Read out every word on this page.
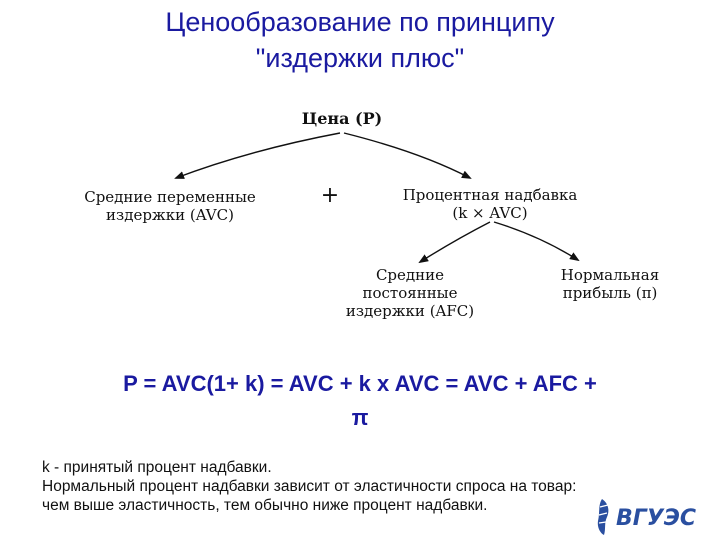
Ценообразование по принципу
"издержки плюс"
Цена (P)
Средние переменные
издержки (AVC)
+	Процентная надбавка
(k × AVC)
Средние
постоянные
издержки (AFC)
Нормальная
прибыль (π)
P = AVC(1+ k) = AVC + k x AVC = AVC + AFC +
π
k - принятый процент надбавки.
Нормальный процент надбавки зависит от эластичности спроса на товар:
чем выше эластичность, тем обычно ниже процент надбавки.
ВГУЭС
